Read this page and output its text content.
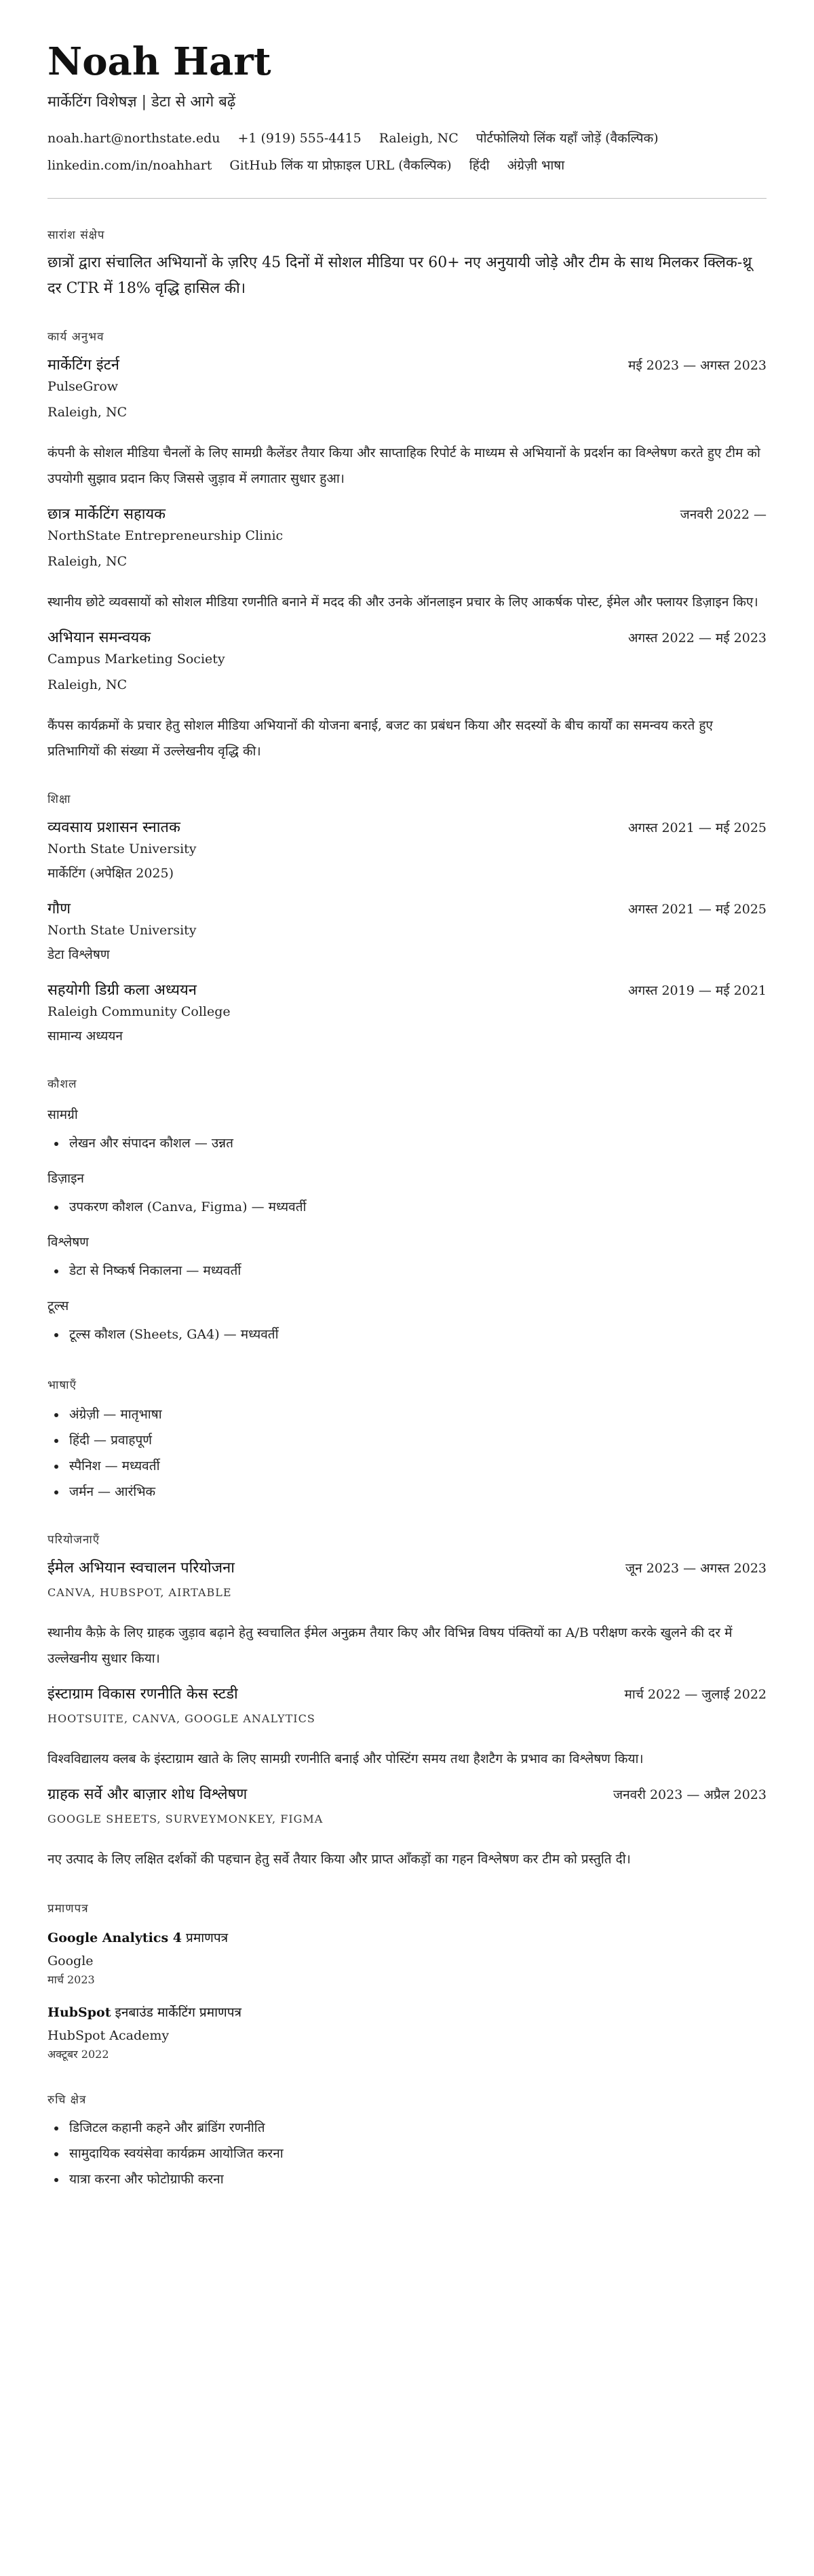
Noah Hart
मार्केटिंग विशेषज्ञ | डेटा से आगे बढ़ें
noah.hart@northstate.edu +1 (919) 555-4415 Raleigh, NC पोर्टफोलियो लिंक यहाँ जोड़ें (वैकल्पिक)
linkedin.com/in/noahhart GitHub लिंक या प्रोफ़ाइल URL (वैकल्पिक) हिंदी अंग्रेज़ी भाषा
सारांश संक्षेप
छात्रों द्वारा संचालित अभियानों के ज़रिए 45 दिनों में सोशल मीडिया पर 60+ नए अनुयायी जोड़े और टीम के साथ मिलकर क्लिक-थ्रू दर CTR में 18% वृद्धि हासिल की।
कार्य अनुभव
मार्केटिंग इंटर्न	मई 2023 — अगस्त 2023
PulseGrow
Raleigh, NC
कंपनी के सोशल मीडिया चैनलों के लिए सामग्री कैलेंडर तैयार किया और साप्ताहिक रिपोर्ट के माध्यम से अभियानों के प्रदर्शन का विश्लेषण करते हुए टीम को उपयोगी सुझाव प्रदान किए जिससे जुड़ाव में लगातार सुधार हुआ।
छात्र मार्केटिंग सहायक	जनवरी 2022 —
NorthState Entrepreneurship Clinic
Raleigh, NC
स्थानीय छोटे व्यवसायों को सोशल मीडिया रणनीति बनाने में मदद की और उनके ऑनलाइन प्रचार के लिए आकर्षक पोस्ट, ईमेल और फ्लायर डिज़ाइन किए।
अभियान समन्वयक	अगस्त 2022 — मई 2023
Campus Marketing Society
Raleigh, NC
कैंपस कार्यक्रमों के प्रचार हेतु सोशल मीडिया अभियानों की योजना बनाई, बजट का प्रबंधन किया और सदस्यों के बीच कार्यों का समन्वय करते हुए प्रतिभागियों की संख्या में उल्लेखनीय वृद्धि की।
शिक्षा
व्यवसाय प्रशासन स्नातक	अगस्त 2021 — मई 2025
North State University
मार्केटिंग (अपेक्षित 2025)
गौण	अगस्त 2021 — मई 2025
North State University
डेटा विश्लेषण
सहयोगी डिग्री कला अध्ययन	अगस्त 2019 — मई 2021
Raleigh Community College
सामान्य अध्ययन
कौशल
सामग्री
• लेखन और संपादन कौशल — उन्नत
डिज़ाइन
• उपकरण कौशल (Canva, Figma) — मध्यवर्ती
विश्लेषण
• डेटा से निष्कर्ष निकालना — मध्यवर्ती
टूल्स
• टूल्स कौशल (Sheets, GA4) — मध्यवर्ती
भाषाएँ
• अंग्रेज़ी — मातृभाषा
• हिंदी — प्रवाहपूर्ण
• स्पैनिश — मध्यवर्ती
• जर्मन — आरंभिक
परियोजनाएँ
ईमेल अभियान स्वचालन परियोजना	जून 2023 — अगस्त 2023
CANVA, HUBSPOT, AIRTABLE
स्थानीय कैफ़े के लिए ग्राहक जुड़ाव बढ़ाने हेतु स्वचालित ईमेल अनुक्रम तैयार किए और विभिन्न विषय पंक्तियों का A/B परीक्षण करके खुलने की दर में उल्लेखनीय सुधार किया।
इंस्टाग्राम विकास रणनीति केस स्टडी	मार्च 2022 — जुलाई 2022
HOOTSUITE, CANVA, GOOGLE ANALYTICS
विश्वविद्यालय क्लब के इंस्टाग्राम खाते के लिए सामग्री रणनीति बनाई और पोस्टिंग समय तथा हैशटैग के प्रभाव का विश्लेषण किया।
ग्राहक सर्वे और बाज़ार शोध विश्लेषण	जनवरी 2023 — अप्रैल 2023
GOOGLE SHEETS, SURVEYMONKEY, FIGMA
नए उत्पाद के लिए लक्षित दर्शकों की पहचान हेतु सर्वे तैयार किया और प्राप्त आँकड़ों का गहन विश्लेषण कर टीम को प्रस्तुति दी।
प्रमाणपत्र
Google Analytics 4 प्रमाणपत्र
Google
मार्च 2023
HubSpot इनबाउंड मार्केटिंग प्रमाणपत्र
HubSpot Academy
अक्टूबर 2022
रुचि क्षेत्र
• डिजिटल कहानी कहने और ब्रांडिंग रणनीति
• सामुदायिक स्वयंसेवा कार्यक्रम आयोजित करना
• यात्रा करना और फोटोग्राफी करना
